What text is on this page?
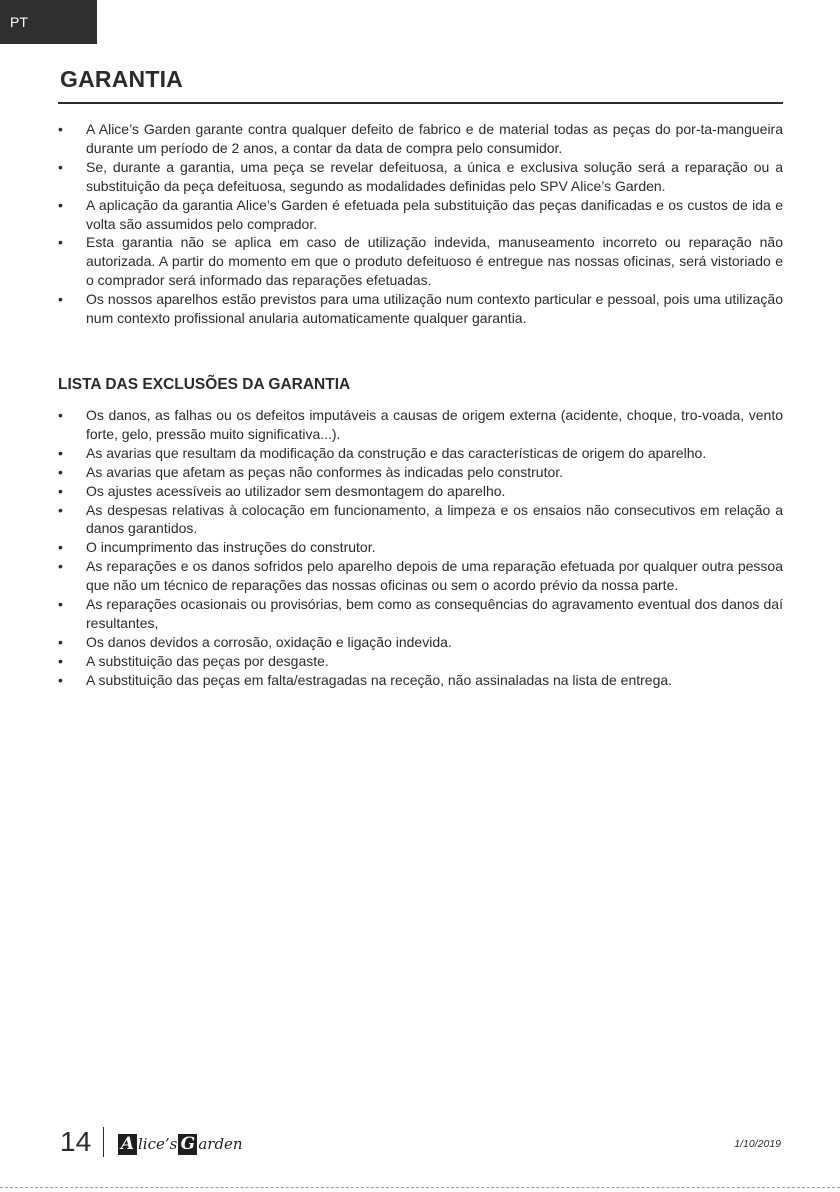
PT
GARANTIA
• A Alice’s Garden garante contra qualquer defeito de fabrico e de material todas as peças do por-ta-mangueira durante um período de 2 anos, a contar da data de compra pelo consumidor.
• Se, durante a garantia, uma peça se revelar defeituosa, a única e exclusiva solução será a reparação ou a substituição da peça defeituosa, segundo as modalidades definidas pelo SPV Alice’s Garden.
• A aplicação da garantia Alice’s Garden é efetuada pela substituição das peças danificadas e os custos de ida e volta são assumidos pelo comprador.
• Esta garantia não se aplica em caso de utilização indevida, manuseamento incorreto ou reparação não autorizada. A partir do momento em que o produto defeituoso é entregue nas nossas oficinas, será vistoriado e o comprador será informado das reparações efetuadas.
• Os nossos aparelhos estão previstos para uma utilização num contexto particular e pessoal, pois uma utilização num contexto profissional anularia automaticamente qualquer garantia.
LISTA DAS EXCLUSÕES DA GARANTIA
• Os danos, as falhas ou os defeitos imputáveis a causas de origem externa (acidente, choque, tro-voada, vento forte, gelo, pressão muito significativa...).
• As avarias que resultam da modificação da construção e das características de origem do aparelho.
• As avarias que afetam as peças não conformes às indicadas pelo construtor.
• Os ajustes acessíveis ao utilizador sem desmontagem do aparelho.
• As despesas relativas à colocação em funcionamento, a limpeza e os ensaios não consecutivos em relação a danos garantidos.
• O incumprimento das instruções do construtor.
• As reparações e os danos sofridos pelo aparelho depois de uma reparação efetuada por qualquer outra pessoa que não um técnico de reparações das nossas oficinas ou sem o acordo prévio da nossa parte.
• As reparações ocasionais ou provisórias, bem como as consequências do agravamento eventual dos danos daí resultantes,
• Os danos devidos a corrosão, oxidação e ligação indevida.
• A substituição das peças por desgaste.
• A substituição das peças em falta/estragadas na receção, não assinaladas na lista de entrega.
14 A lice’s G arden	1/10/2019
